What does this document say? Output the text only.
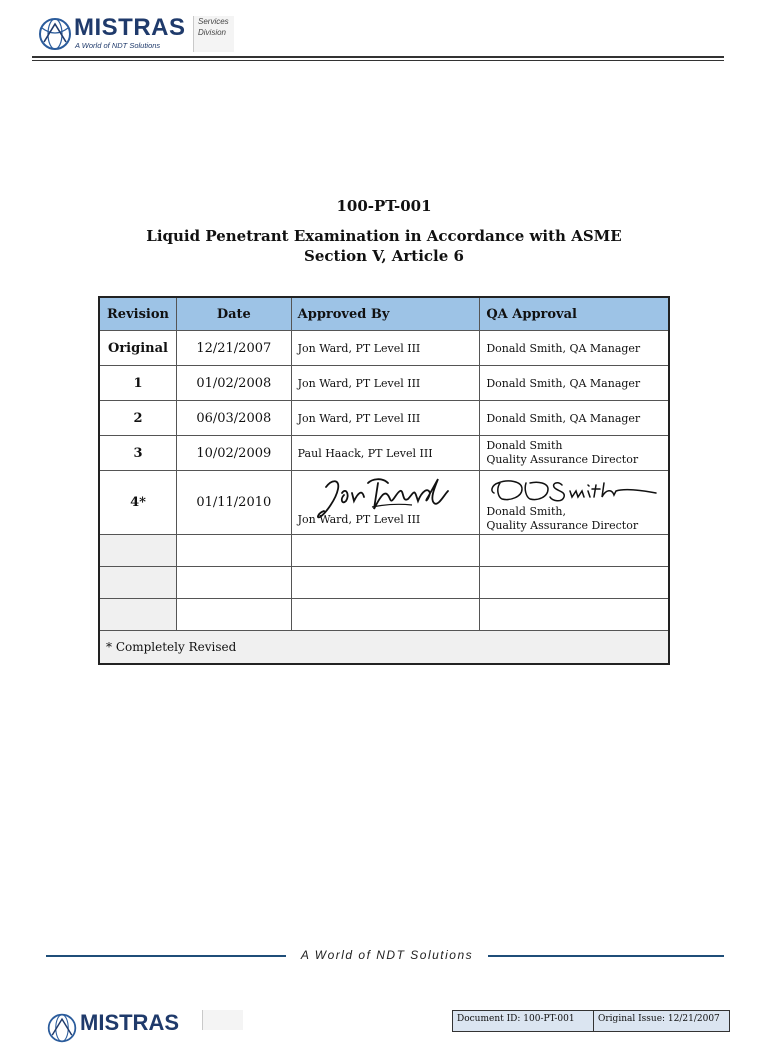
MISTRAS
A World of NDT Solutions
Services
Division
100-PT-001
Liquid Penetrant Examination in Accordance with ASME
Section V, Article 6
Revision	Date	Approved By	QA Approval
Original	12/21/2007	Jon Ward, PT Level III	Donald Smith, QA Manager
1	01/02/2008	Jon Ward, PT Level III	Donald Smith, QA Manager
2	06/03/2008	Jon Ward, PT Level III	Donald Smith, QA Manager
3	10/02/2009	Paul Haack, PT Level III	Donald Smith
Quality Assurance Director

4*	01/11/2010	Jon Ward, PT Level III	Donald Smith,
Quality Assurance Director

* Completely Revised			
A World of NDT Solutions
MISTRAS	Document ID: 100-PT-001	Original Issue: 12/21/2007
